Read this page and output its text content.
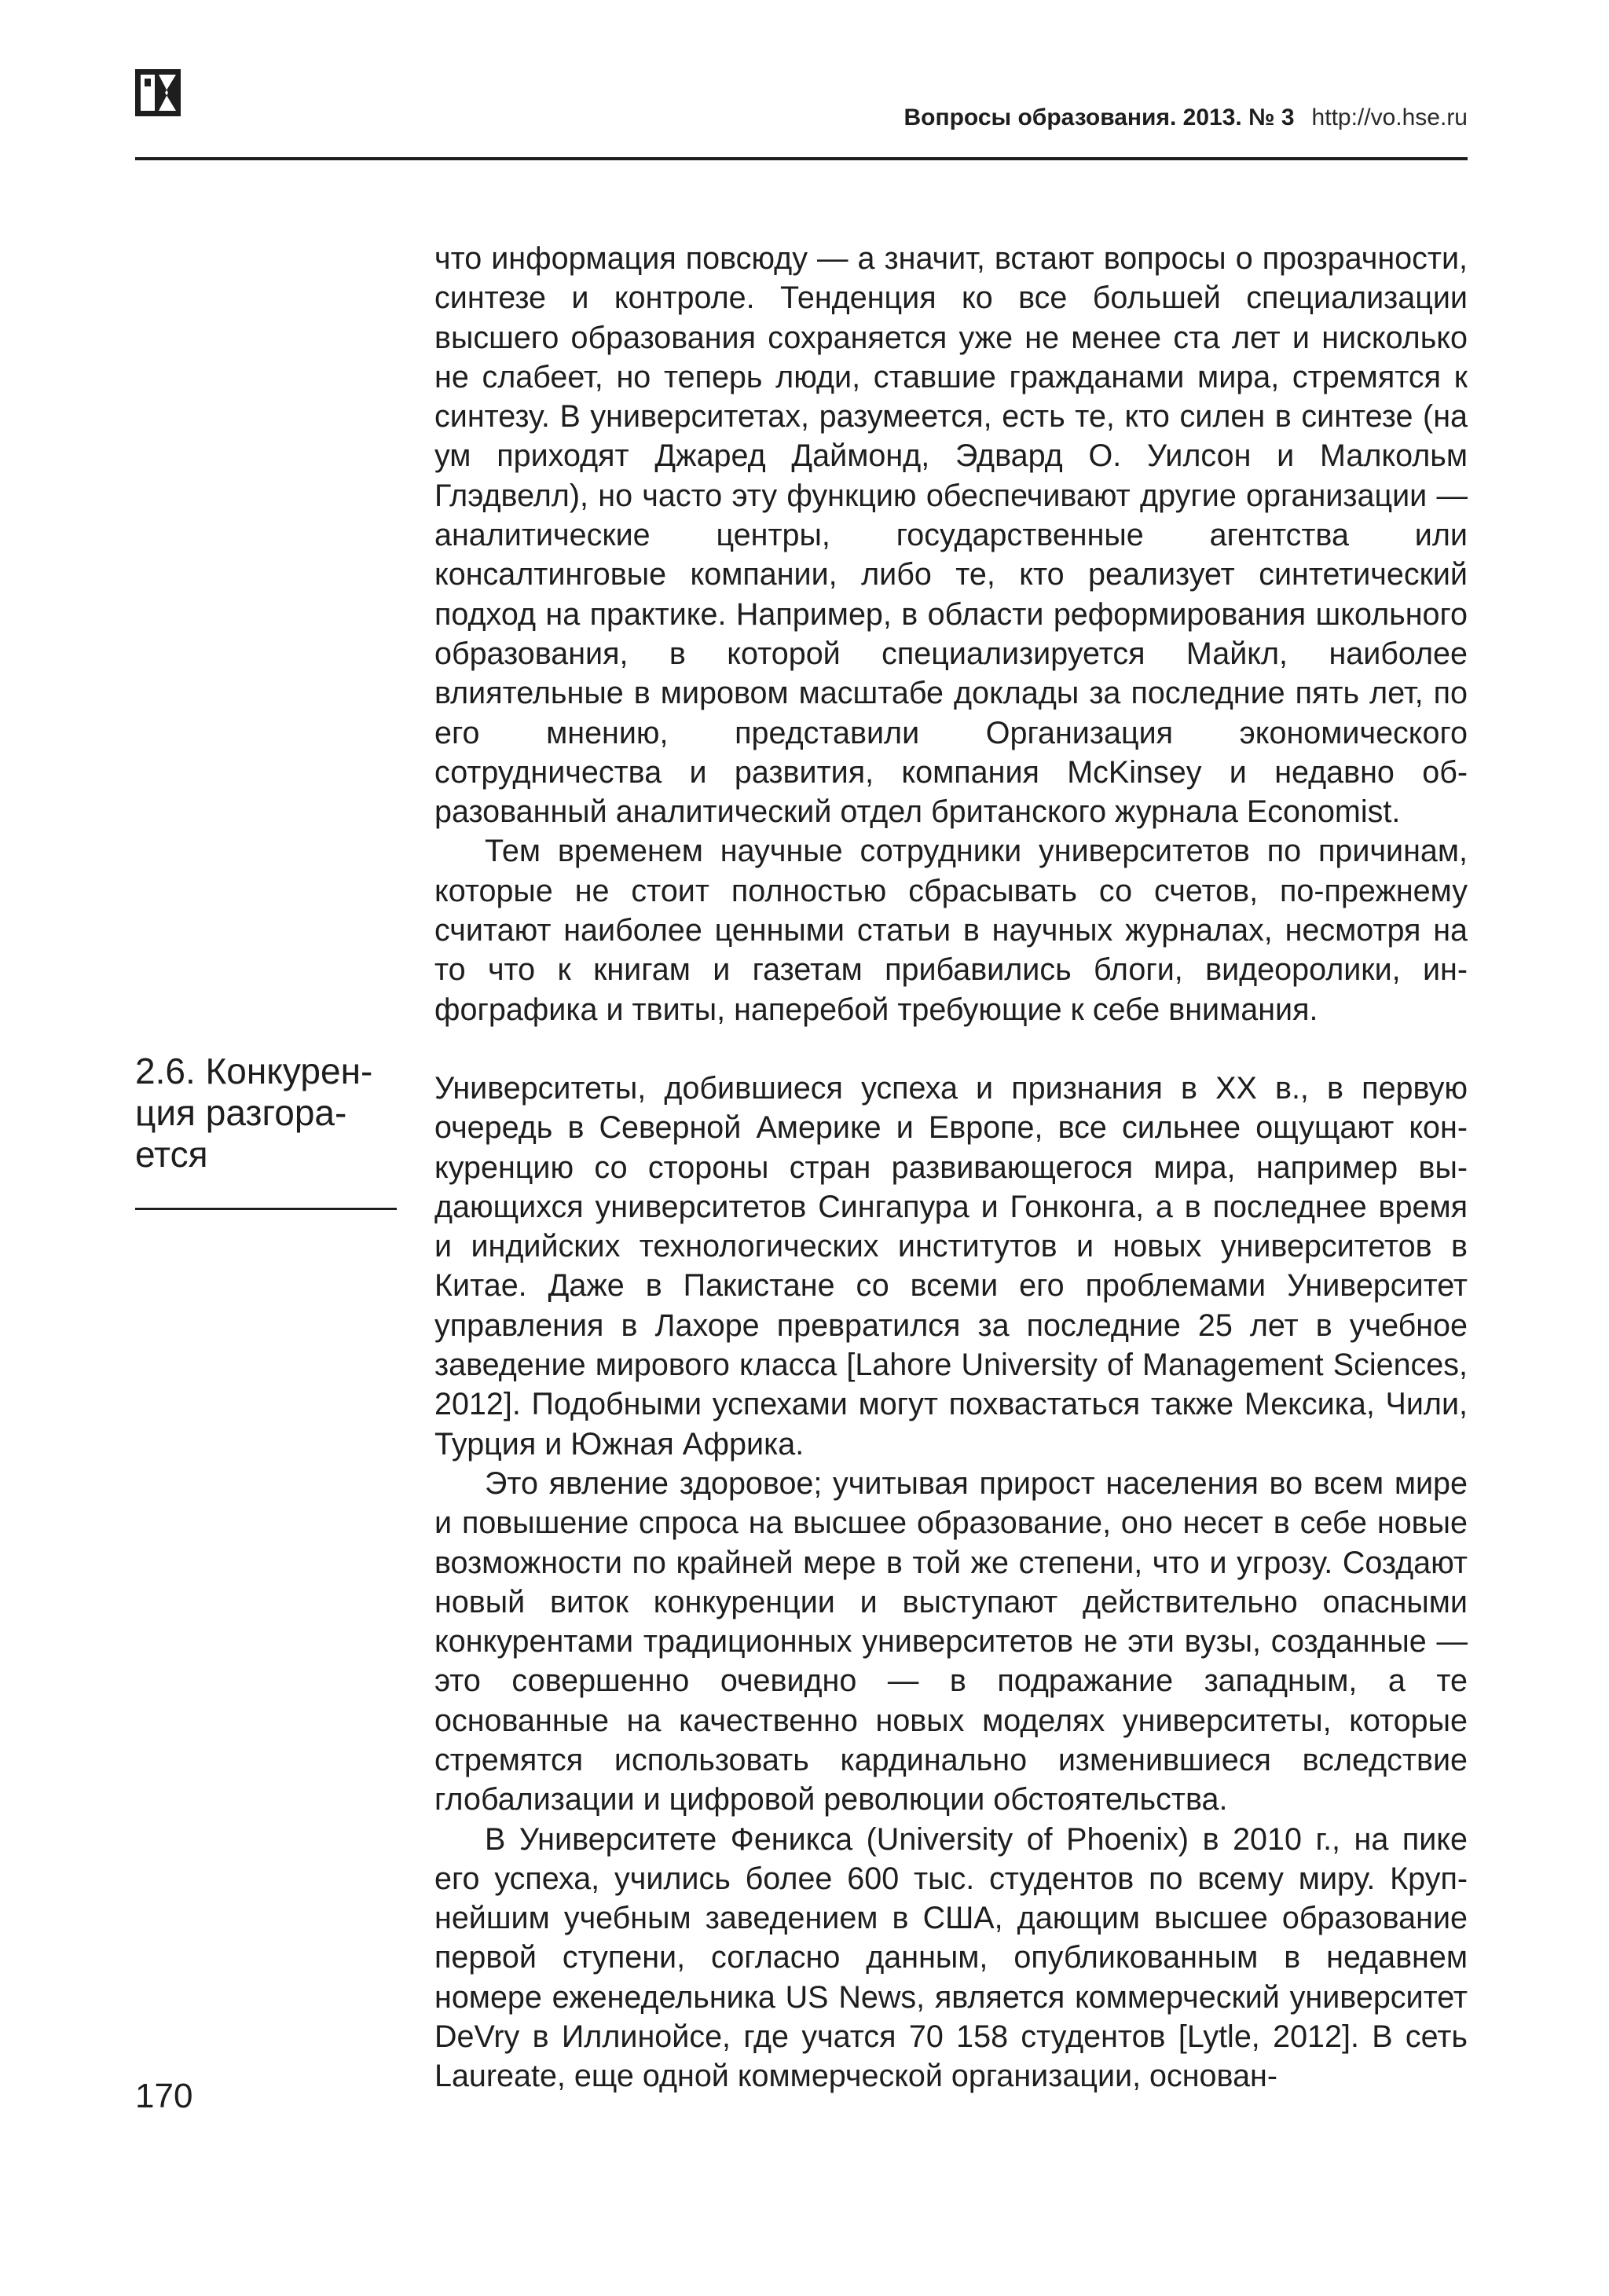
Вопросы образования. 2013. № 3 http://vo.hse.ru
2.6. Конкурен-
ция разгора-
ется

что информация повсюду — а значит, встают вопросы о прозрачности, синтезе и контроле. Тенденция ко все большей специализации высшего образования сохраняется уже не менее ста лет и нисколько не слабеет, но теперь люди, ставшие гражданами мира, стремятся к синтезу. В университетах, разумеется, есть те, кто силен в синтезе (на ум приходят Джаред Даймонд, Эдвард О. Уилсон и Малкольм Глэдвелл), но часто эту функцию обеспечивают другие организации — аналитические центры, государственные агентства или консалтинговые компании, либо те, кто реализует синтетический подход на практике. Например, в области реформирования школьного образования, в которой специализируется Майкл, наиболее влиятельные в мировом масштабе доклады за последние пять лет, по его мнению, представили Организация экономического сотрудничества и развития, компания McKinsey и недавно образованный аналитический отдел британского журнала Economist.

Тем временем научные сотрудники университетов по причинам, которые не стоит полностью сбрасывать со счетов, по-прежнему считают наиболее ценными статьи в научных журналах, несмотря на то что к книгам и газетам прибавились блоги, видеоролики, инфографика и твиты, наперебой требующие к себе внимания.

Университеты, добившиеся успеха и признания в XX в., в первую очередь в Северной Америке и Европе, все сильнее ощущают конкуренцию со стороны стран развивающегося мира, например выдающихся университетов Сингапура и Гонконга, а в последнее время и индийских технологических институтов и новых университетов в Китае. Даже в Пакистане со всеми его проблемами Университет управления в Лахоре превратился за последние 25 лет в учебное заведение мирового класса [Lahore University of Management Sciences, 2012]. Подобными успехами могут похвастаться также Мексика, Чили, Турция и Южная Африка.

Это явление здоровое; учитывая прирост населения во всем мире и повышение спроса на высшее образование, оно несет в себе новые возможности по крайней мере в той же степени, что и угрозу. Создают новый виток конкуренции и выступают действительно опасными конкурентами традиционных университетов не эти вузы, созданные — это совершенно очевидно — в подражание западным, а те основанные на качественно новых моделях университеты, которые стремятся использовать кардинально изменившиеся вследствие глобализации и цифровой революции обстоятельства.

В Университете Феникса (University of Phoenix) в 2010 г., на пике его успеха, учились более 600 тыс. студентов по всему миру. Крупнейшим учебным заведением в США, дающим высшее образование первой ступени, согласно данным, опубликованным в недавнем номере еженедельника US News, является коммерческий университет DeVry в Иллинойсе, где учатся 70 158 студентов [Lytle, 2012]. В сеть Laureate, еще одной коммерческой организации, основан-

170
